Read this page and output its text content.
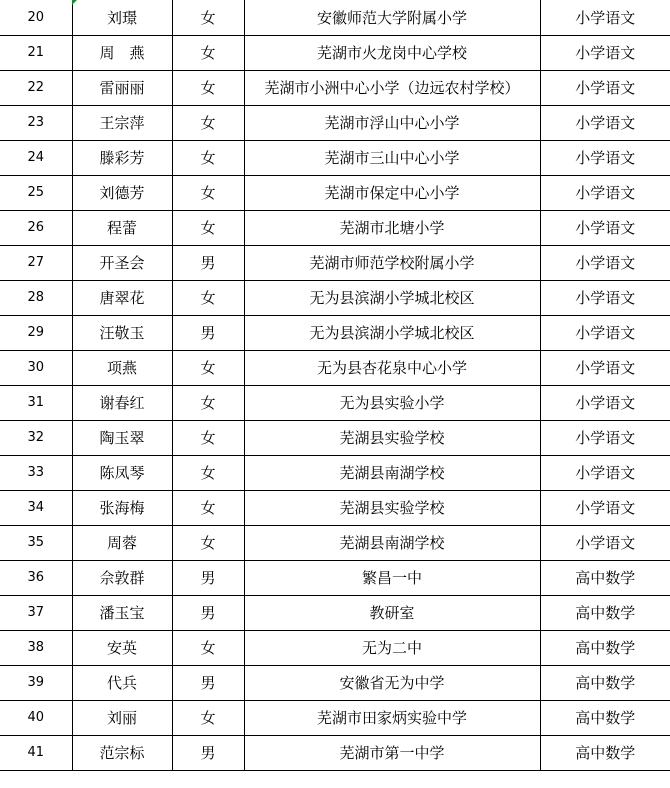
20	刘璟	女	安徽师范大学附属小学	小学语文
21	周　燕	女	芜湖市火龙岗中心学校	小学语文
22	雷丽丽	女	芜湖市小洲中心小学（边远农村学校）	小学语文
23	王宗萍	女	芜湖市浮山中心小学	小学语文
24	滕彩芳	女	芜湖市三山中心小学	小学语文
25	刘德芳	女	芜湖市保定中心小学	小学语文
26	程蕾	女	芜湖市北塘小学	小学语文
27	开圣会	男	芜湖市师范学校附属小学	小学语文
28	唐翠花	女	无为县滨湖小学城北校区	小学语文
29	汪敬玉	男	无为县滨湖小学城北校区	小学语文
30	项燕	女	无为县杏花泉中心小学	小学语文
31	谢春红	女	无为县实验小学	小学语文
32	陶玉翠	女	芜湖县实验学校	小学语文
33	陈凤琴	女	芜湖县南湖学校	小学语文
34	张海梅	女	芜湖县实验学校	小学语文
35	周蓉	女	芜湖县南湖学校	小学语文
36	佘敦群	男	繁昌一中	高中数学
37	潘玉宝	男	教研室	高中数学
38	安英	女	无为二中	高中数学
39	代兵	男	安徽省无为中学	高中数学
40	刘丽	女	芜湖市田家炳实验中学	高中数学
41	范宗标	男	芜湖市第一中学	高中数学
